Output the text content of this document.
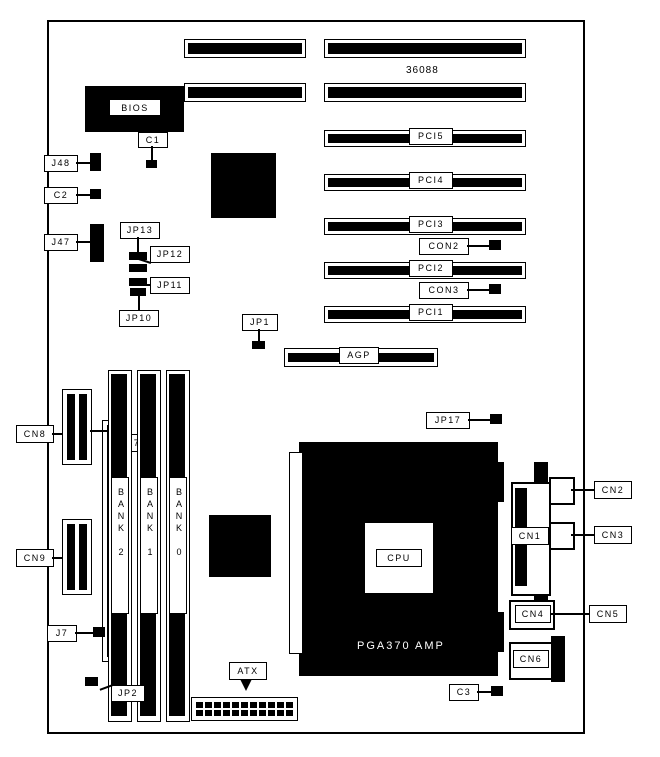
36088
BIOS
C1	PCI5
PCI4
PCI3
CON2
PCI2
CON3
PCI1
AGP
J48
C2
J47
JP13
JP12
JP11
JP10	JP1
JP17
CN8
CN9	BANK 2	BANK 1	BANK 0
J7
JP2
CPU
PGA370 AMP
ATX
C3
CN1
CN2
CN3
CN4	CN5
CN6
